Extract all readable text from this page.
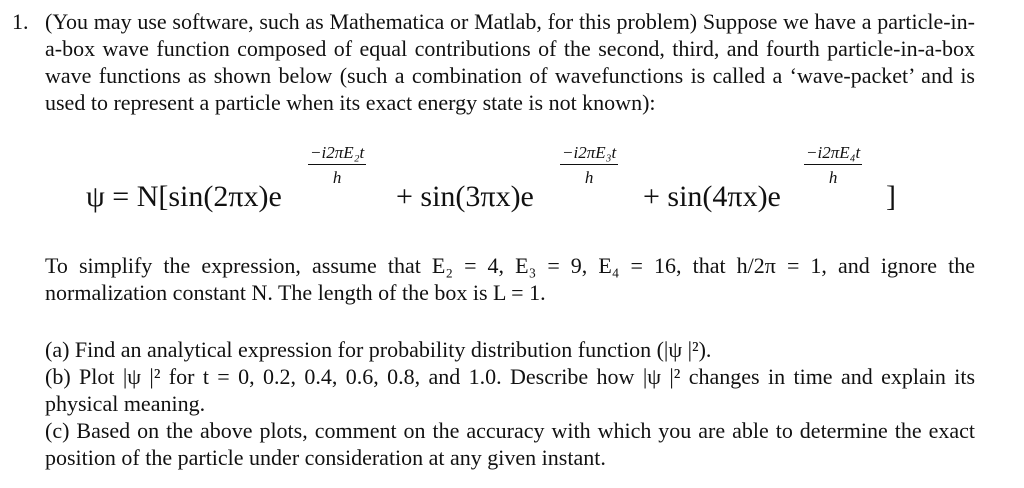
1. (You may use software, such as Mathematica or Matlab, for this problem) Suppose we have a particle-in-a-box wave function composed of equal contributions of the second, third, and fourth particle-in-a-box wave functions as shown below (such a combination of wavefunctions is called a ‘wave-packet’ and is used to represent a particle when its exact energy state is not known):
ψ = N[sin(2πx)e
$\frac{\text{−i2πE₂t}}{h}$
+ sin(3πx)e
$\frac{\text{−i2πE₃t}}{h}$
+ sin(4πx)e
$\frac{\text{−i2πE₄t}}{h}$
]
To simplify the expression, assume that E₂ = 4, E₃ = 9, E₄ = 16, that h/2π = 1, and ignore the normalization constant N. The length of the box is L = 1.
(a) Find an analytical expression for probability distribution function (|ψ |²).
(b) Plot |ψ |² for t = 0, 0.2, 0.4, 0.6, 0.8, and 1.0. Describe how |ψ |² changes in time and explain its physical meaning.
(c) Based on the above plots, comment on the accuracy with which you are able to determine the exact position of the particle under consideration at any given instant.
